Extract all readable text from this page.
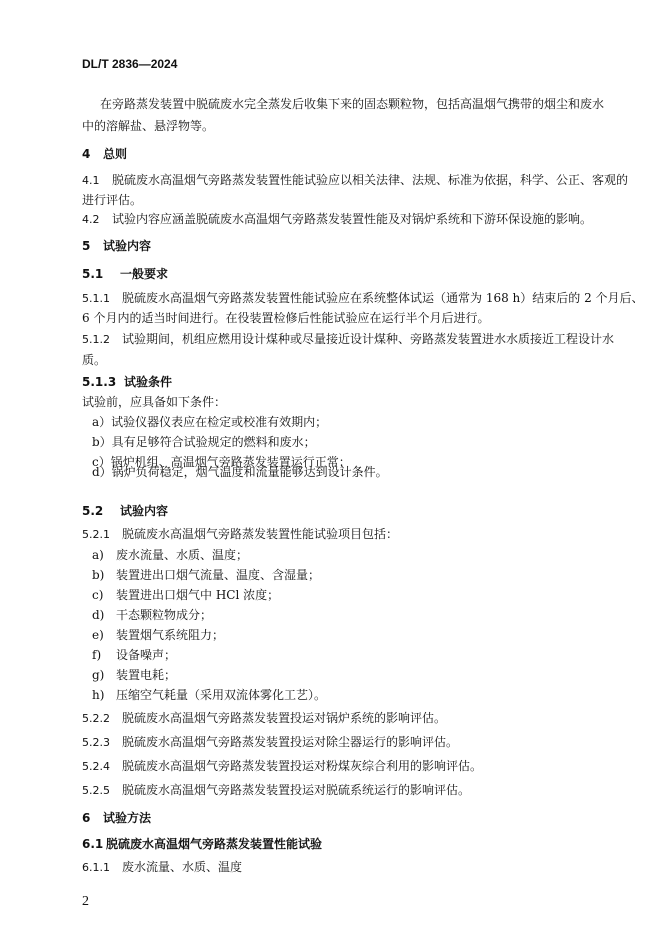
DL/T 2836—2024
在旁路蒸发装置中脱硫废水完全蒸发后收集下来的固态颗粒物，包括高温烟气携带的烟尘和废水
中的溶解盐、悬浮物等。
4 总则
4.1 脱硫废水高温烟气旁路蒸发装置性能试验应以相关法律、法规、标准为依据，科学、公正、客观的
进行评估。
4.2 试验内容应涵盖脱硫废水高温烟气旁路蒸发装置性能及对锅炉系统和下游环保设施的影响。
5 试验内容
5.1 一般要求
5.1.1 脱硫废水高温烟气旁路蒸发装置性能试验应在系统整体试运（通常为 168 h）结束后的 2 个月后、
6 个月内的适当时间进行。在役装置检修后性能试验应在运行半个月后进行。
5.1.2 试验期间，机组应燃用设计煤种或尽量接近设计煤种、旁路蒸发装置进水水质接近工程设计水
质。
5.1.3 试验条件
试验前，应具备如下条件：
a）试验仪器仪表应在检定或校准有效期内；
b）具有足够符合试验规定的燃料和废水；
c）锅炉机组、高温烟气旁路蒸发装置运行正常；
d）锅炉负荷稳定，烟气温度和流量能够达到设计条件。
5.2 试验内容
5.2.1 脱硫废水高温烟气旁路蒸发装置性能试验项目包括：
a) 废水流量、水质、温度；
b) 装置进出口烟气流量、温度、含湿量；
c) 装置进出口烟气中 HCl 浓度；
d) 干态颗粒物成分；
e) 装置烟气系统阻力；
f) 设备噪声；
g) 装置电耗；
h) 压缩空气耗量（采用双流体雾化工艺）。
5.2.2 脱硫废水高温烟气旁路蒸发装置投运对锅炉系统的影响评估。
5.2.3 脱硫废水高温烟气旁路蒸发装置投运对除尘器运行的影响评估。
5.2.4 脱硫废水高温烟气旁路蒸发装置投运对粉煤灰综合利用的影响评估。
5.2.5 脱硫废水高温烟气旁路蒸发装置投运对脱硫系统运行的影响评估。
6 试验方法
6.1 脱硫废水高温烟气旁路蒸发装置性能试验
6.1.1 废水流量、水质、温度
2
